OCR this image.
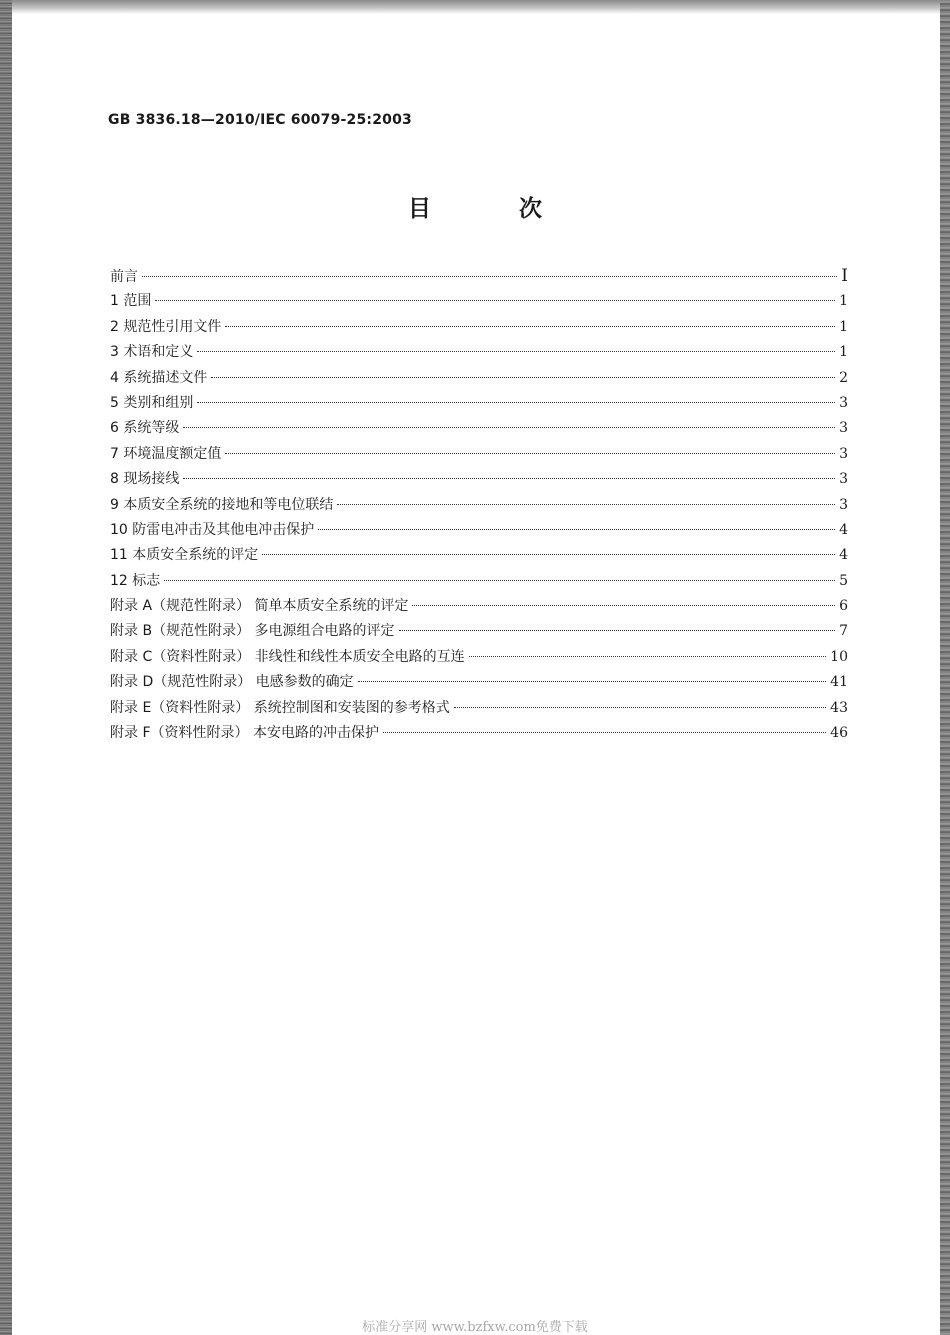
GB 3836.18—2010/IEC 60079-25:2003

目 次
前言	I
1 范围	1
2 规范性引用文件	1
3 术语和定义	1
4 系统描述文件	2
5 类别和组别	3
6 系统等级	3
7 环境温度额定值	3
8 现场接线	3
9 本质安全系统的接地和等电位联结	3
10 防雷电冲击及其他电冲击保护	4
11 本质安全系统的评定	4
12 标志	5
附录 A（规范性附录） 简单本质安全系统的评定	6
附录 B（规范性附录） 多电源组合电路的评定	7
附录 C（资料性附录） 非线性和线性本质安全电路的互连	10
附录 D（规范性附录） 电感参数的确定	41
附录 E（资料性附录） 系统控制图和安装图的参考格式	43
附录 F（资料性附录） 本安电路的冲击保护	46

标准分享网 www.bzfxw.com免费下载
